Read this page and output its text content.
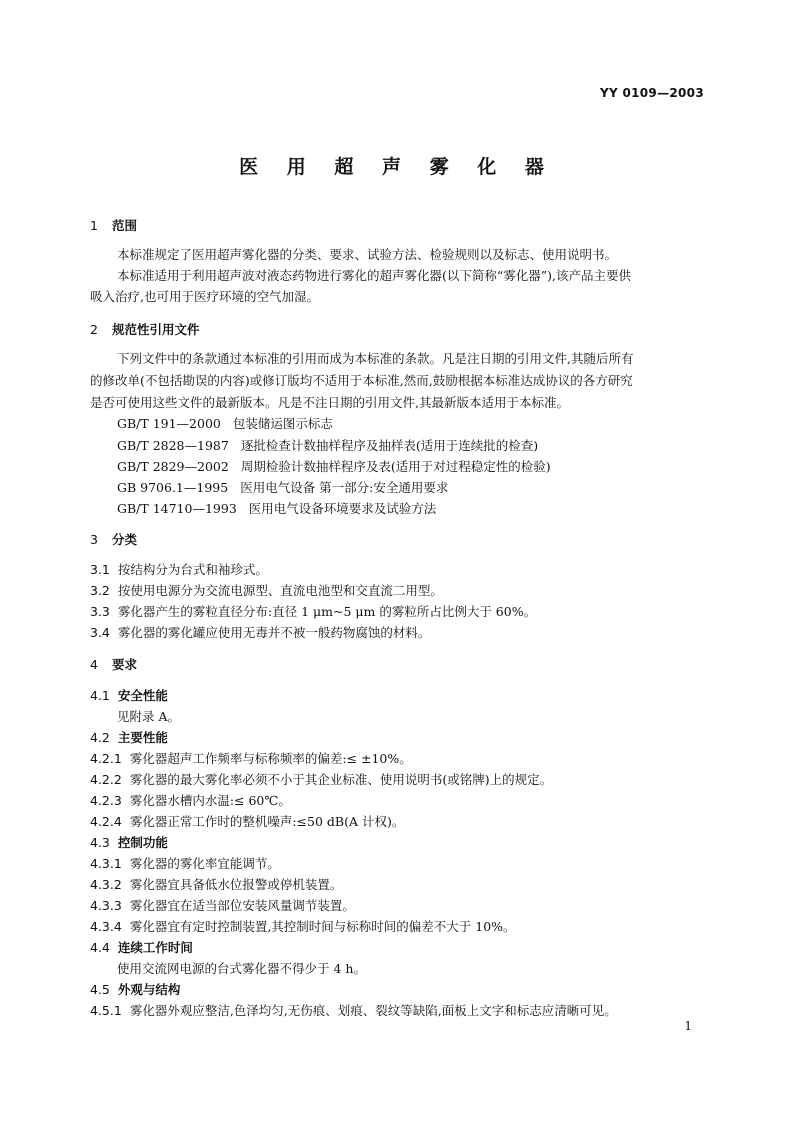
YY 0109—2003
医 用 超 声 雾 化 器
1 范围
本标准规定了医用超声雾化器的分类、要求、试验方法、检验规则以及标志、使用说明书。
本标准适用于利用超声波对液态药物进行雾化的超声雾化器(以下简称“雾化器”),该产品主要供
吸入治疗,也可用于医疗环境的空气加湿。
2 规范性引用文件
下列文件中的条款通过本标准的引用而成为本标准的条款。凡是注日期的引用文件,其随后所有
的修改单(不包括勘误的内容)或修订版均不适用于本标准,然而,鼓励根据本标准达成协议的各方研究
是否可使用这些文件的最新版本。凡是不注日期的引用文件,其最新版本适用于本标准。
GB/T 191—2000 包装储运图示标志
GB/T 2828—1987 逐批检查计数抽样程序及抽样表(适用于连续批的检查)
GB/T 2829—2002 周期检验计数抽样程序及表(适用于对过程稳定性的检验)
GB 9706.1—1995 医用电气设备 第一部分:安全通用要求
GB/T 14710—1993 医用电气设备环境要求及试验方法
3 分类
3.1 按结构分为台式和袖珍式。
3.2 按使用电源分为交流电源型、直流电池型和交直流二用型。
3.3 雾化器产生的雾粒直径分布:直径 1 μm~5 μm 的雾粒所占比例大于 60%。
3.4 雾化器的雾化罐应使用无毒并不被一般药物腐蚀的材料。
4 要求
4.1 安全性能
见附录 A。
4.2 主要性能
4.2.1 雾化器超声工作频率与标称频率的偏差:≤ ±10%。
4.2.2 雾化器的最大雾化率必须不小于其企业标准、使用说明书(或铭牌)上的规定。
4.2.3 雾化器水槽内水温:≤ 60℃。
4.2.4 雾化器正常工作时的整机噪声:≤50 dB(A 计权)。
4.3 控制功能
4.3.1 雾化器的雾化率宜能调节。
4.3.2 雾化器宜具备低水位报警或停机装置。
4.3.3 雾化器宜在适当部位安装风量调节装置。
4.3.4 雾化器宜有定时控制装置,其控制时间与标称时间的偏差不大于 10%。
4.4 连续工作时间
使用交流网电源的台式雾化器不得少于 4 h。
4.5 外观与结构
4.5.1 雾化器外观应整洁,色泽均匀,无伤痕、划痕、裂纹等缺陷,面板上文字和标志应清晰可见。
1
